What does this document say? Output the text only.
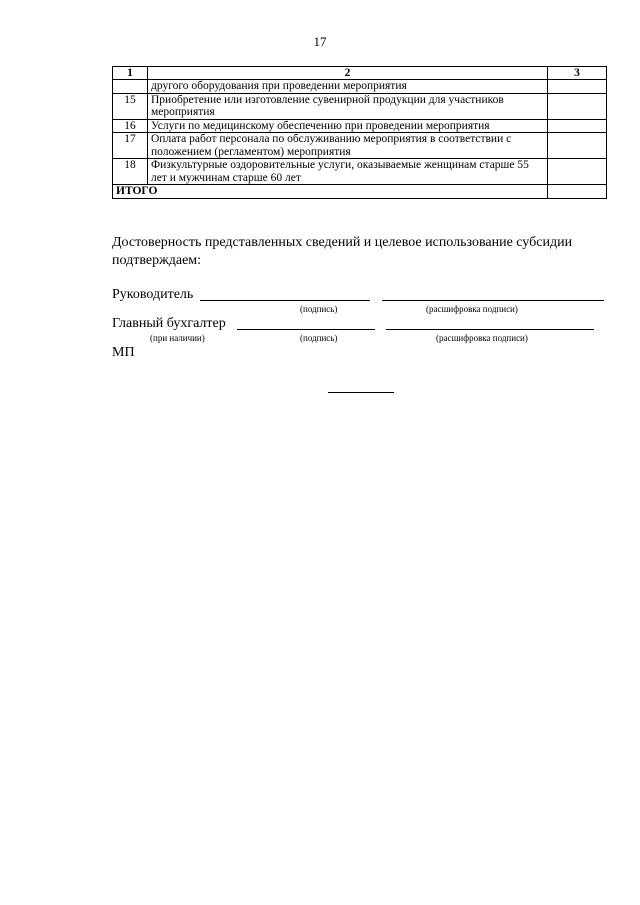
17
1	2	3
	другого оборудования при проведении мероприятия	
15	Приобретение или изготовление сувенирной продукции для участников мероприятия	
16	Услуги по медицинскому обеспечению при проведении мероприятия	
17	Оплата работ персонала по обслуживанию мероприятия в соответствии с положением (регламентом) мероприятия	
18	Физкультурные оздоровительные услуги, оказываемые женщинам старше 55 лет и мужчинам старше 60 лет	
ИТОГО		
Достоверность представленных сведений и целевое использование субсидии подтверждаем:
Руководитель
(подпись)	(расшифровка подписи)
Главный бухгалтер
(при наличии)	(подпись)	(расшифровка подписи)
МП
